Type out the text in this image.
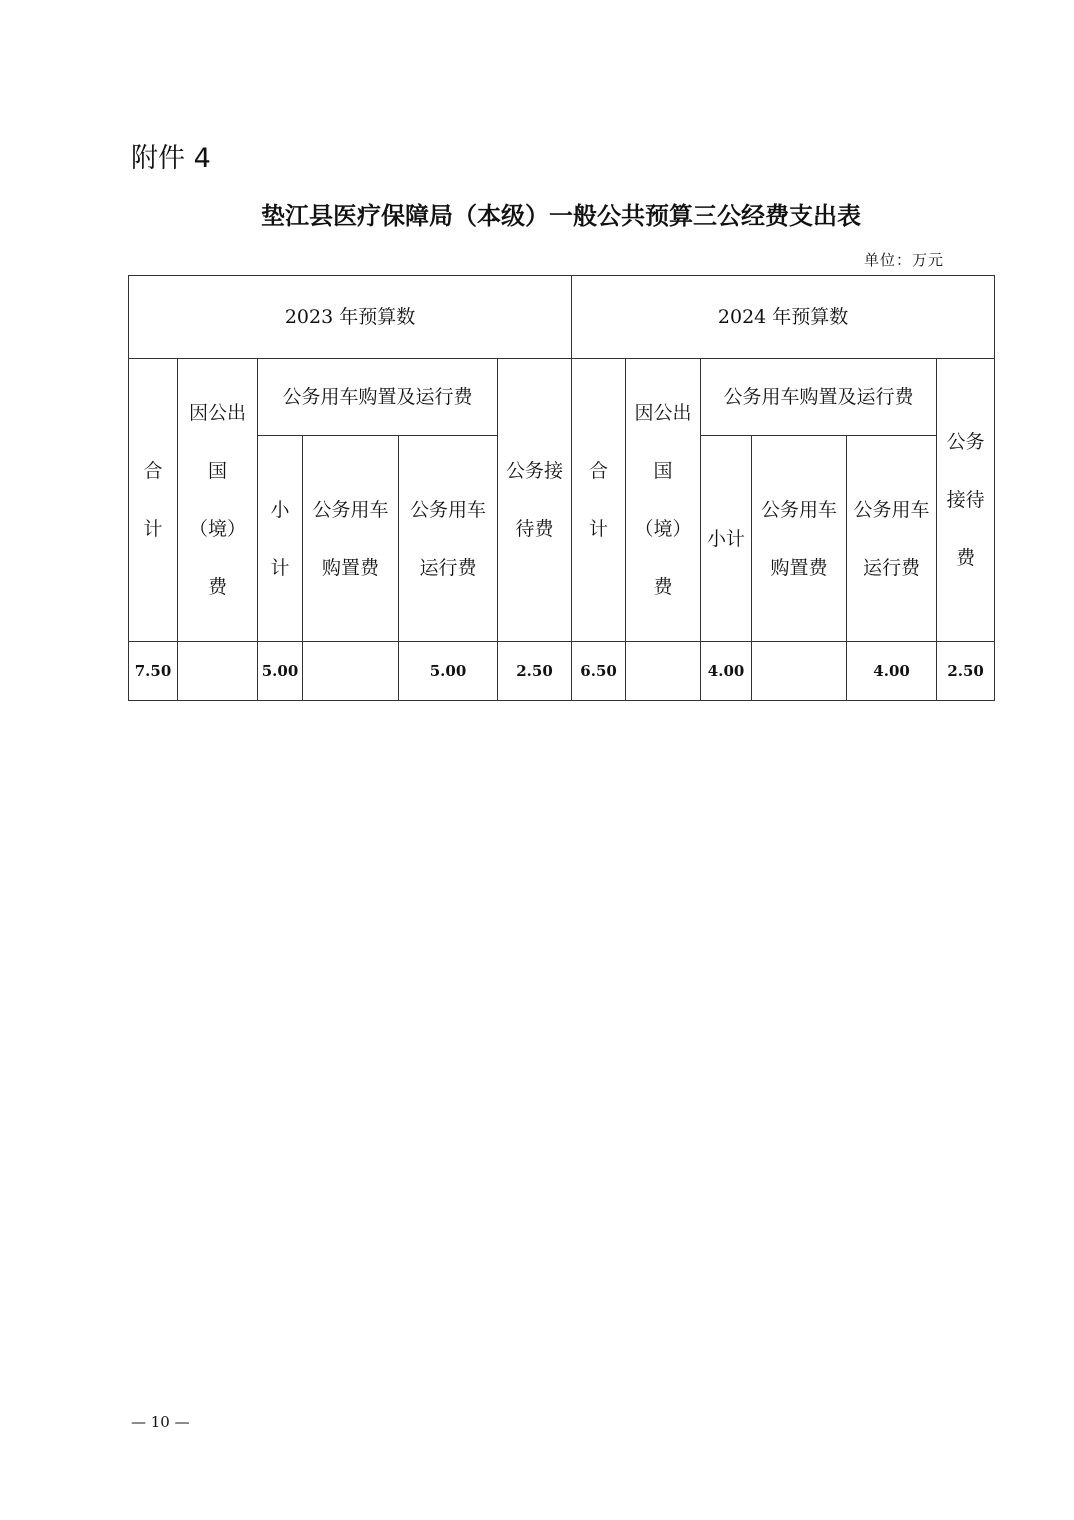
附件 4
垫江县医疗保障局（本级）一般公共预算三公经费支出表
单位：万元
2023 年预算数						2024 年预算数					
合计	因公出国（境）费	公务用车购置及运行费			公务接待费	合计	因公出国（境）费	公务用车购置及运行费			公务接待费
		小计	公务用车购置费	公务用车运行费				小计	公务用车购置费	公务用车运行费	
7.50		5.00		5.00	2.50	6.50		4.00		4.00	2.50
— 10 —
